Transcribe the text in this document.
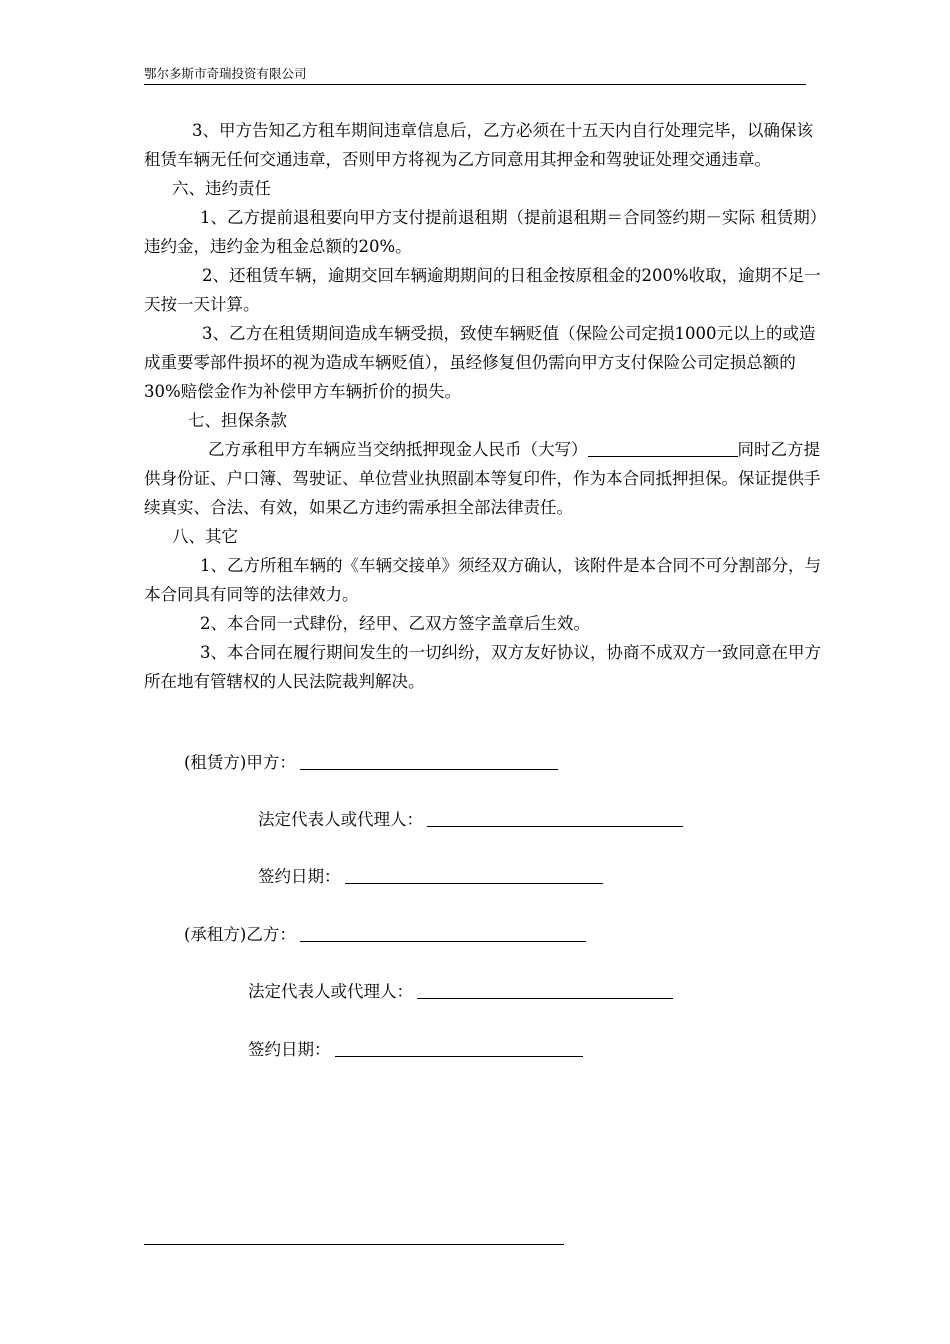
鄂尔多斯市奇瑞投资有限公司

3、甲方告知乙方租车期间违章信息后，乙方必须在十五天内自行处理完毕，以确保该租赁车辆无任何交通违章，否则甲方将视为乙方同意用其押金和驾驶证处理交通违章。

六、违约责任

1、乙方提前退租要向甲方支付提前退租期（提前退租期＝合同签约期－实际 租赁期）违约金，违约金为租金总额的20%。

2、还租赁车辆，逾期交回车辆逾期期间的日租金按原租金的200%收取，逾期不足一天按一天计算。

3、乙方在租赁期间造成车辆受损，致使车辆贬值（保险公司定损1000元以上的或造成重要零部件损坏的视为造成车辆贬值），虽经修复但仍需向甲方支付保险公司定损总额的30%赔偿金作为补偿甲方车辆折价的损失。

七、担保条款

乙方承租甲方车辆应当交纳抵押现金人民币（大写）	同时乙方提供身份证、户口簿、驾驶证、单位营业执照副本等复印件，作为本合同抵押担保。保证提供手续真实、合法、有效，如果乙方违约需承担全部法律责任。

八、其它

1、乙方所租车辆的《车辆交接单》须经双方确认，该附件是本合同不可分割部分，与本合同具有同等的法律效力。

2、本合同一式肆份，经甲、乙双方签字盖章后生效。

3、本合同在履行期间发生的一切纠纷，双方友好协议，协商不成双方一致同意在甲方所在地有管辖权的人民法院裁判解决。

(租赁方)甲方：
法定代表人或代理人：
签约日期：
(承租方)乙方：
法定代表人或代理人：
签约日期：
